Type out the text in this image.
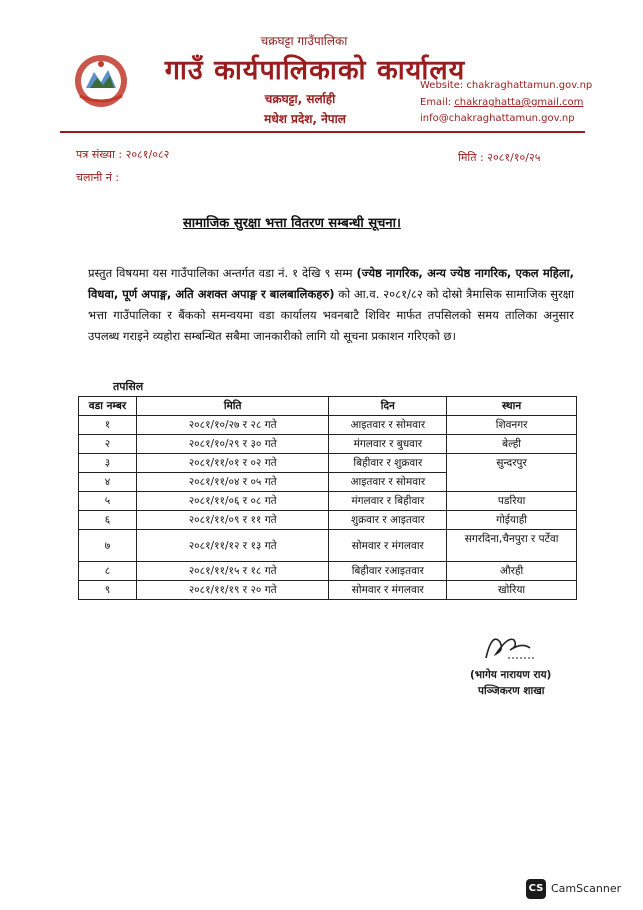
चक्रघट्टा गाउँपालिका
गाउँ कार्यपालिकाको कार्यालय
चक्रघट्टा, सर्लाही
मधेश प्रदेश, नेपाल
Website: chakraghattamun.gov.np
Email: chakraghatta@gmail.com
info@chakraghattamun.gov.np
पत्र संख्या : २०८१/०८२
चलानी नं :
मिति : २०८१/१०/२५
सामाजिक सुरक्षा भत्ता वितरण सम्बन्धी सूचना।
प्रस्तुत विषयमा यस गाउँपालिका अन्तर्गत वडा नं. १ देखि ९ सम्म (ज्येष्ठ नागरिक, अन्य ज्येष्ठ नागरिक, एकल महिला, विधवा, पूर्ण अपाङ्ग, अति अशक्त अपाङ्ग र बालबालिकहरु) को आ.व. २०८१/८२ को दोस्रो त्रैमासिक सामाजिक सुरक्षा भत्ता गाउँपालिका र बैंकको समन्वयमा वडा कार्यालय भवनबाटै शिविर मार्फत तपसिलको समय तालिका अनुसार उपलब्ध गराइने व्यहोरा सम्बन्धित सबैमा जानकारीको लागि यो सूचना प्रकाशन गरिएको छ।
तपसिल
वडा नम्बर	मिति	दिन	स्थान
१	२०८१/१०/२७ र २८ गते	आइतवार र सोमवार	शिवनगर
२	२०८१/१०/२९ र ३० गते	मंगलवार र बुधवार	बेल्ही
३	२०८१/११/०१ र ०२ गते	बिहीवार र शुक्रवार	सुन्दरपुर
४	२०८१/११/०४ र ०५ गते	आइतवार र सोमवार	
५	२०८१/११/०६ र ०८ गते	मंगलवार र बिहीवार	पडरिया
६	२०८१/११/०९ र ११ गते	शुक्रवार र आइतवार	गोईयाही
७	२०८१/११/१२ र १३ गते	सोमवार र मंगलवार	सगरदिना,चैनपुरा र पर्टेवा
८	२०८१/११/१५ र १८ गते	बिहीवार रआइतवार	औरही
९	२०८१/११/१९ र २० गते	सोमवार र मंगलवार	खोरिया
(भागेय नारायण राय)
पञ्जिकरण शाखा
CS CamScanner
